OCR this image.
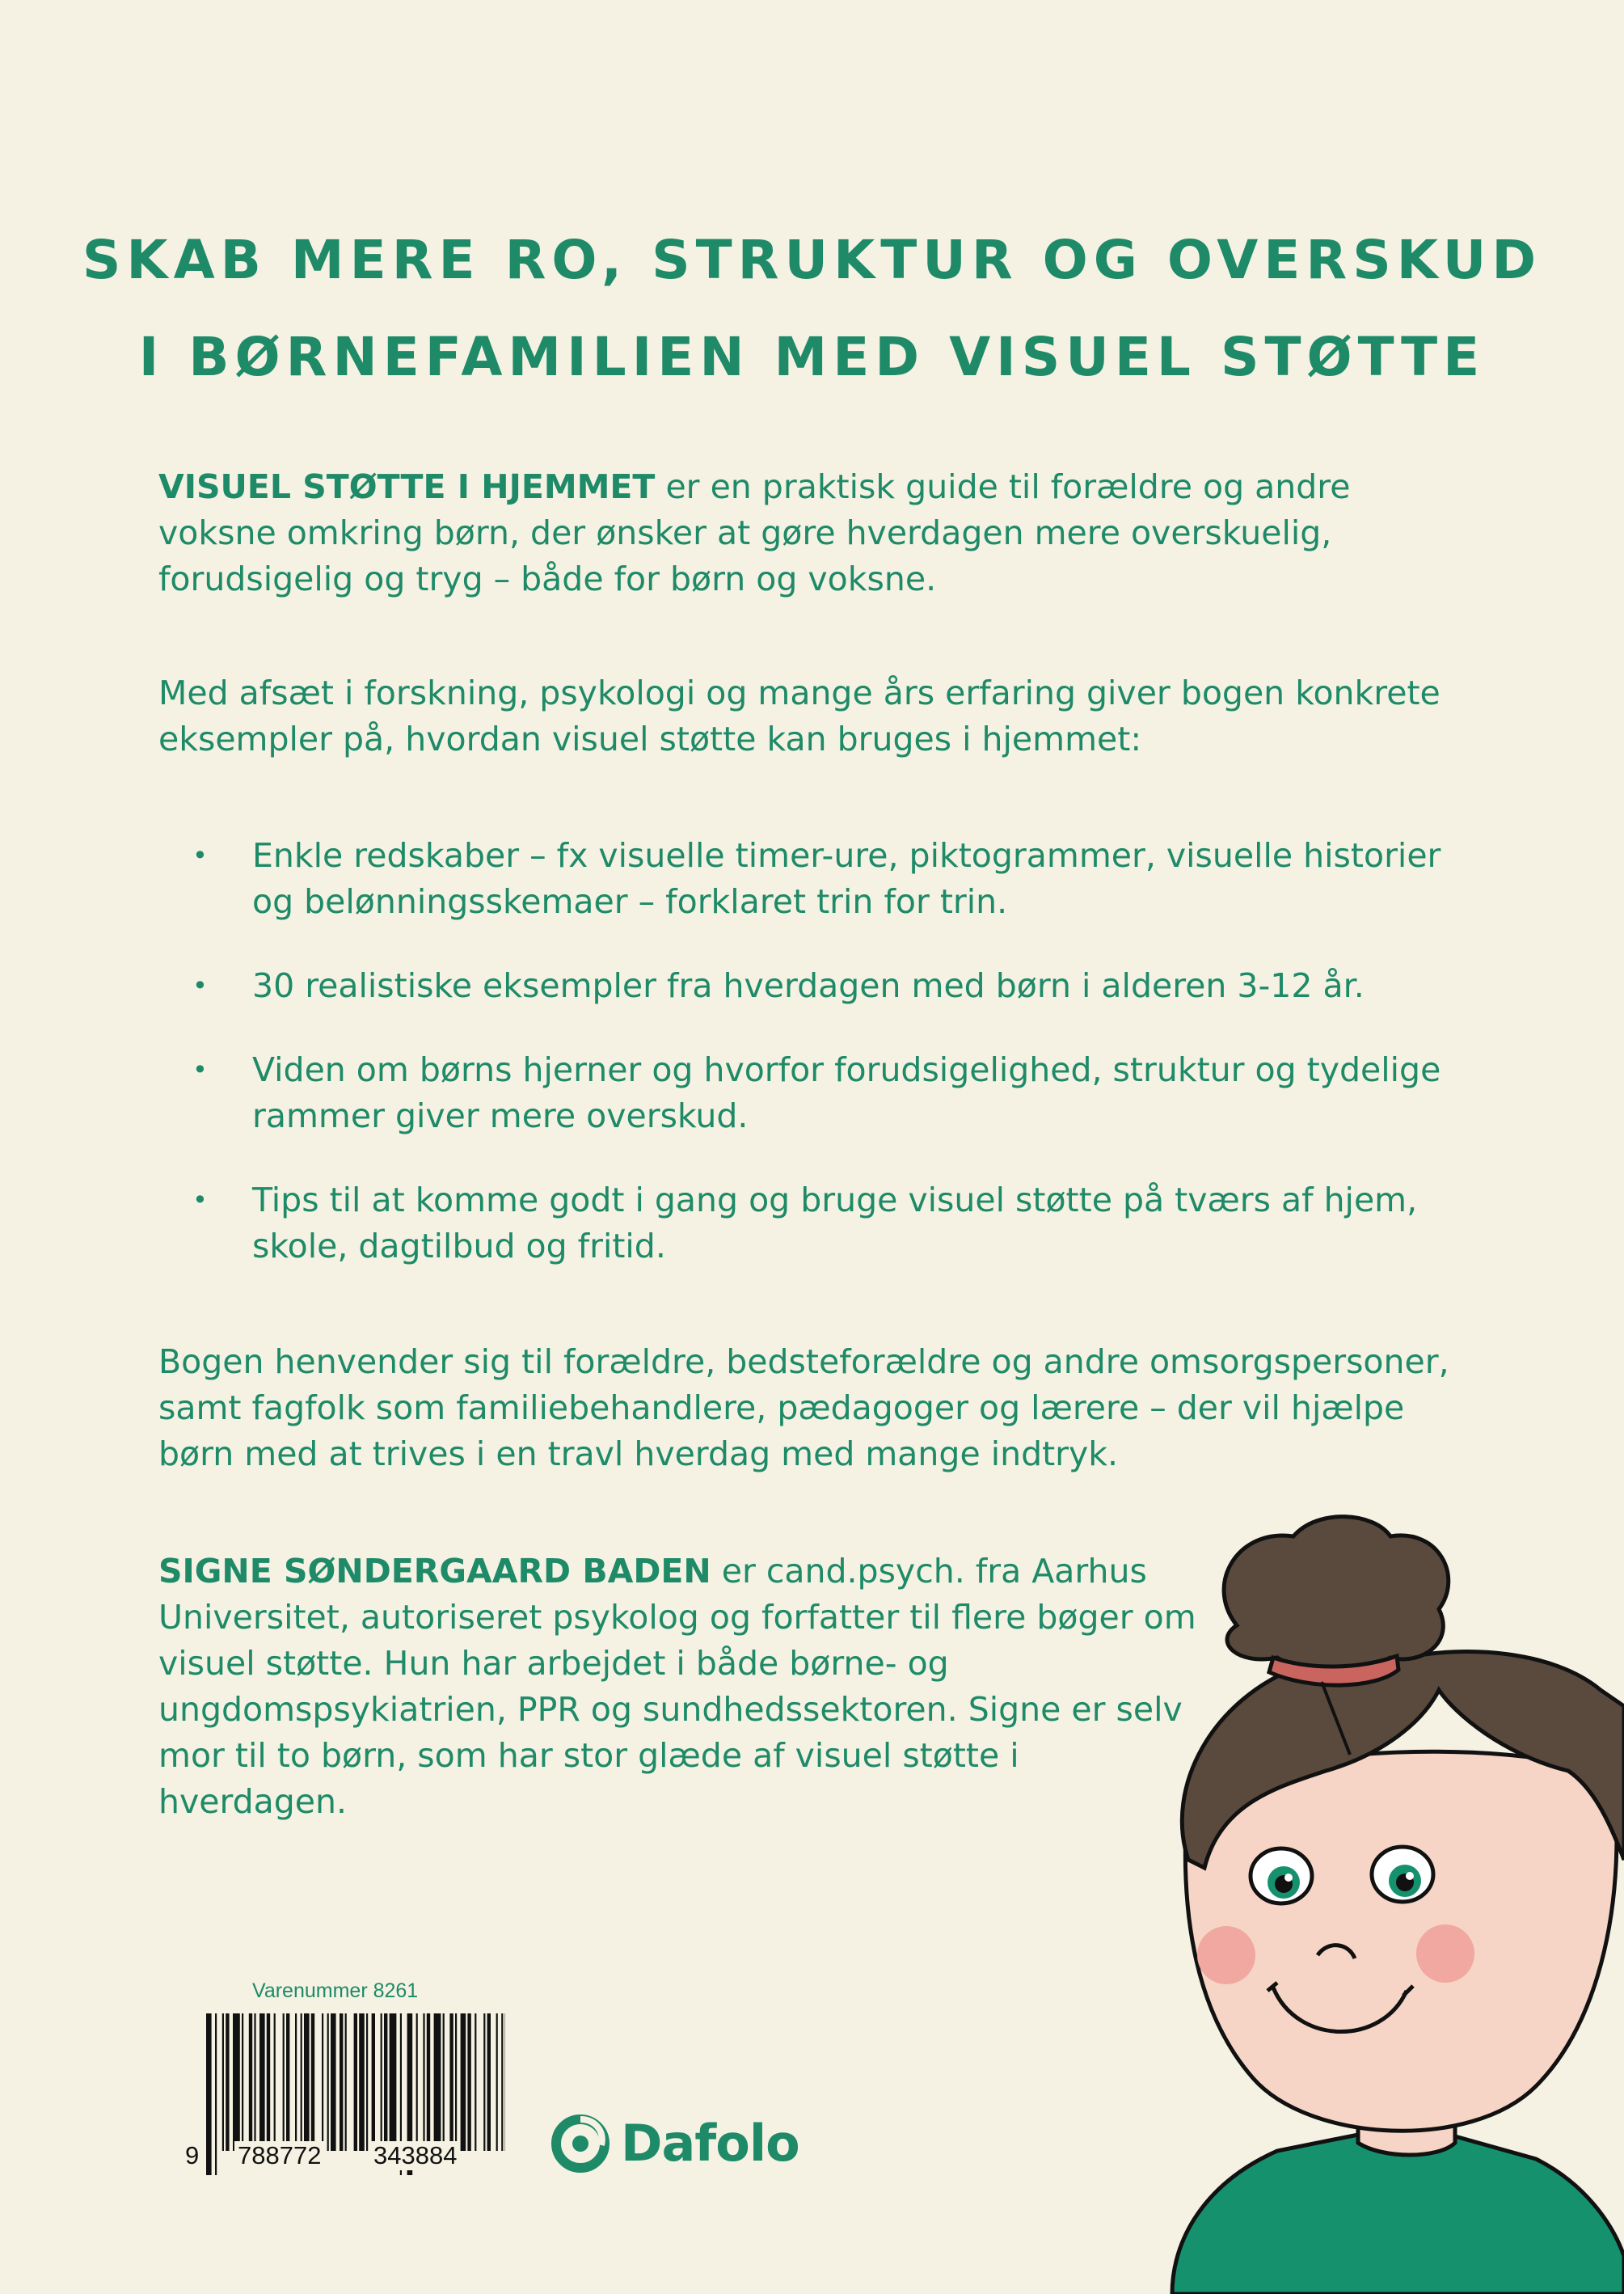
SKAB MERE RO, STRUKTUR OG OVERSKUD
I BØRNEFAMILIEN MED VISUEL STØTTE

VISUEL STØTTE I HJEMMET er en praktisk guide til forældre og andre voksne omkring børn, der ønsker at gøre hverdagen mere overskuelig, forudsigelig og tryg – både for børn og voksne.

Med afsæt i forskning, psykologi og mange års erfaring giver bogen konkrete eksempler på, hvordan visuel støtte kan bruges i hjemmet:

• Enkle redskaber – fx visuelle timer-ure, piktogrammer, visuelle historier og belønningsskemaer – forklaret trin for trin.
• 30 realistiske eksempler fra hverdagen med børn i alderen 3-12 år.
• Viden om børns hjerner og hvorfor forudsigelighed, struktur og tydelige rammer giver mere overskud.
• Tips til at komme godt i gang og bruge visuel støtte på tværs af hjem, skole, dagtilbud og fritid.

Bogen henvender sig til forældre, bedsteforældre og andre omsorgspersoner, samt fagfolk som familiebehandlere, pædagoger og lærere – der vil hjælpe børn med at trives i en travl hverdag med mange indtryk.

SIGNE SØNDERGAARD BADEN er cand.psych. fra Aarhus Universitet, autoriseret psykolog og forfatter til flere bøger om visuel støtte. Hun har arbejdet i både børne- og ungdomspsykiatrien, PPR og sundhedssektoren. Signe er selv mor til to børn, som har stor glæde af visuel støtte i hverdagen.

Varenummer 8261
9 788772 343884	Dafolo
